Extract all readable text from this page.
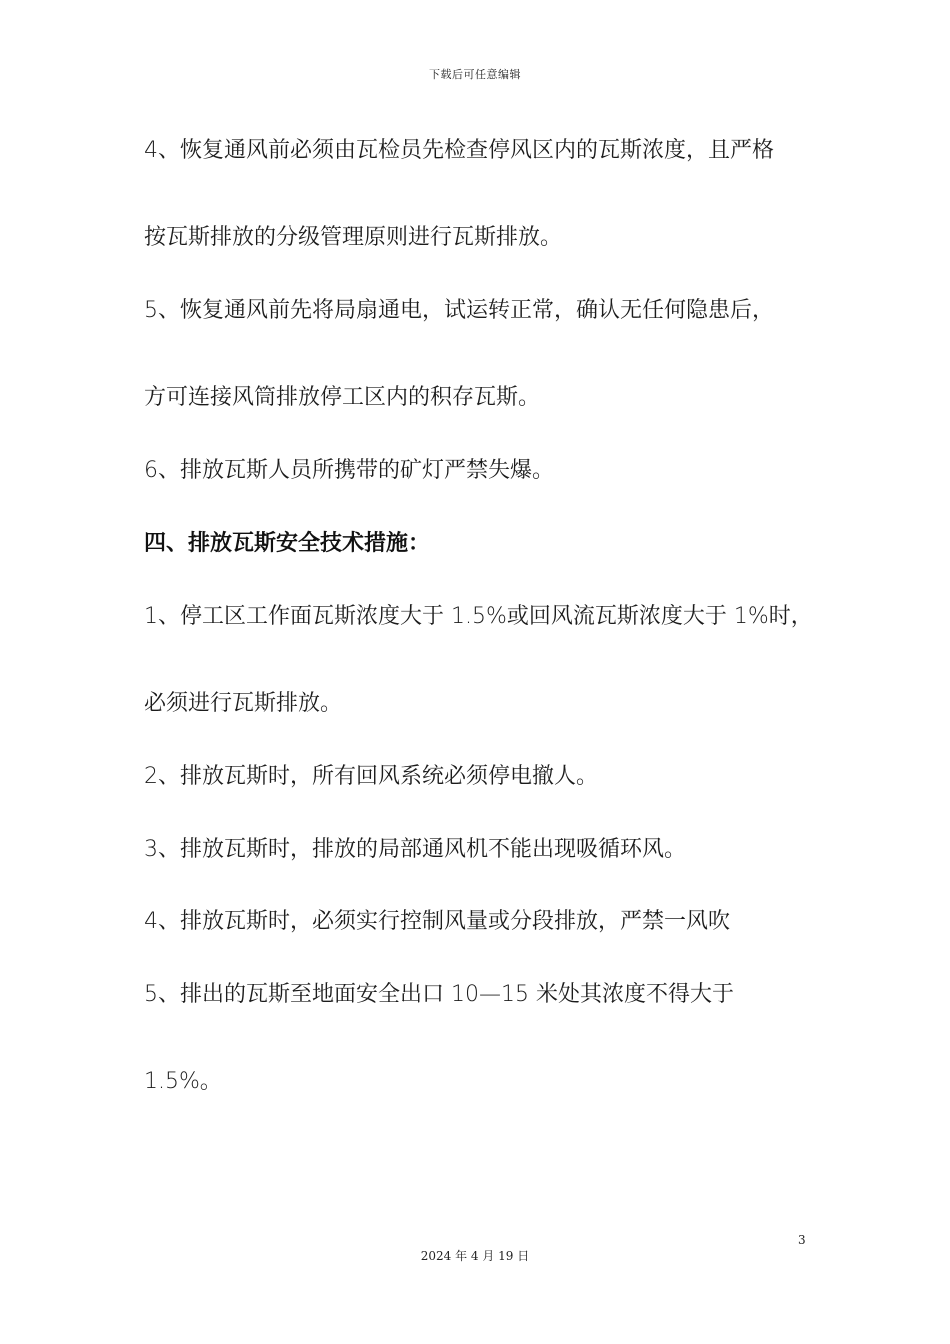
下载后可任意编辑
4、恢复通风前必须由瓦检员先检查停风区内的瓦斯浓度，且严格
按瓦斯排放的分级管理原则进行瓦斯排放。
5、恢复通风前先将局扇通电，试运转正常，确认无任何隐患后，
方可连接风筒排放停工区内的积存瓦斯。
6、排放瓦斯人员所携带的矿灯严禁失爆。
四、排放瓦斯安全技术措施：
1、停工区工作面瓦斯浓度大于 1.5%或回风流瓦斯浓度大于 1%时，
必须进行瓦斯排放。
2、排放瓦斯时，所有回风系统必须停电撤人。
3、排放瓦斯时，排放的局部通风机不能出现吸循环风。
4、排放瓦斯时，必须实行控制风量或分段排放，严禁一风吹
5、排出的瓦斯至地面安全出口 10—15 米处其浓度不得大于
1.5%。
3
2024 年 4 月 19 日
